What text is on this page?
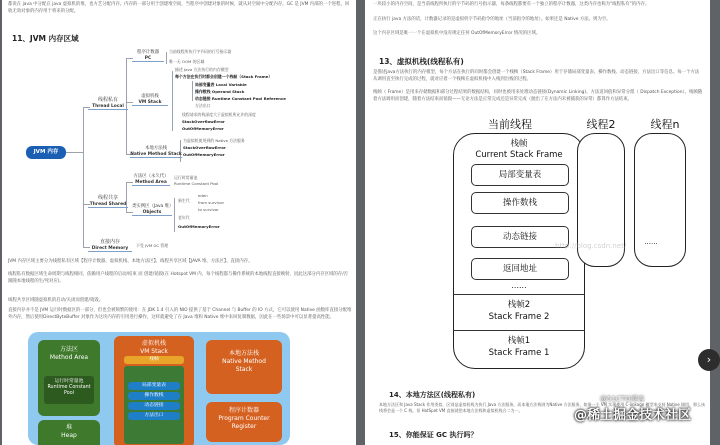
都说在 java 中分配在 java 虚拟机的堆，也方艺分配内存。内存的一部分用于创建堆空间，当程序中创建对象的时候，就从对空间中分配内存。GC 是 JVM 内部的一个进程，回收无效对象的内存用于将来的分配。
11、JVM 内存区域
JVM 内存
线程私有
Thread Local
线程共享
Thread Shared
直接内存
Direct Memory
程序计数器
PC
虚拟机栈
VM Stack
本地方法栈
Native Method Stack
方法区（永久代）
Method Area
类实例区（Java 堆）
Objects
当前线程所执行字节码的行号指示器
唯一无 OOM 的区域
描述 Java 方法执行的内存模型
每个方法在执行时都会创建一个栈帧（Stack Frame）
局部变量表 Local Variable
操作数栈 Operand Stack
动态链接 Runtime Constant Pool Reference
方法出口
线程请求的栈深度大于虚拟机所允许的深度
StackOverflowError
OutOfMemoryError
为虚拟机使用到的 Native 方法服务
StackOverflowError
OutOfMemoryError
运行时常量池
Runtime Constant Pool
新生代
eden
from survivor
to survivor
老年代
OutOfMemoryError
不受 JVM GC 管理
JVM 内存区域主要分为线程私有区域【程序计数器、虚拟机栈、本地方法区】、线程共享区域【JAVA 堆、方法区】、直接内存。
线程私有数据区域生命周期与线程相同，依赖用户线程的启动/结束 而 创建/销毁(在 Hotspot VM 内，每个线程都与操作系统的本地线程直接映射，因此这部分内存区域的存/否跟随本地线程的生/死对应)。
线程共享区域随虚拟机的启动/关闭而创建/销毁。
直接内存并不是 JVM 运行时数据区的一部分，但也会被频繁的使用：在 JDK 1.4 引入的 NIO 提供了基于 Channel 与 Buffer 的 IO 方式，它可以使用 Native 函数库直接分配堆外内存，然后使用DirectByteBuffer 对象作为这块内存的引用进行操作，这样就避免了在 Java 堆和 Native 堆中来回复制数据，因此在一些场景中可以显著提高性能。
方法区
Method Area
运行时常量池
Runtime Constant
Pool
堆
Heap
虚拟机栈
VM Stack
栈帧
局部变量表
操作数栈
动态链接
方法出口
本地方法栈
Native Method
Stack
程序计数器
Program Counter
Register
一块较小的内存空间，是当前线程所执行的字节码的行号指示器，每条线程都要有一个独立的程序计数器，这类内存也称为"线程私有"的内存。
正在执行 java 方法的话，计数器记录的是虚拟机字节码指令的地址（当前指令的地址）。如果还是 Native 方法，则为空。
这个内存区域是唯一一个在虚拟机中没有规定任何 OutOfMemoryError 情况的区域。
13、虚拟机栈(线程私有)
是描述java方法执行的内存模型，每个方法在执行的同时都会创建一个栈帧（Stack Frame）用于存储局部变量表、操作数栈、动态链接、方法出口等信息。每一个方法从调用直至执行完成的过程，就对应着一个栈帧在虚拟机栈中入栈到出栈的过程。
栈帧（ Frame）是用来存储数据和部分过程结果的数据结构，同时也被用来处理动态链接(Dynamic Linking)、方法返回值和异常分派（ Dispatch Exception）。栈帧随着方法调用而创建，随着方法结束而销毁——无论方法是正常完成还是异常完成（抛出了在方法内未被捕获的异常）都算作方法结束。
当前线程	线程2	线程n
栈帧
Current Stack Frame
局部变量表
操作数栈
动态链接
返回地址
......
栈帧2
Stack Frame 2
栈帧1
Stack Frame 1
......
http://blog.csdn.net/
14、本地方法区(线程私有)
本地方法区和 Java Stack 作用类似，区别是虚拟机栈为执行 Java 方法服务，而本地方法栈则为Native 方法服务，如果一个 VM 实现使用 C-linkage 模型来支持 Native 调用，那么该栈将会是一个 C 栈，但 HotSpot VM 直接就把本地方法栈和虚拟机栈合二为一。
15、你能保证 GC 执行吗？
›
@51CTO博客
@稀土掘金技术社区
